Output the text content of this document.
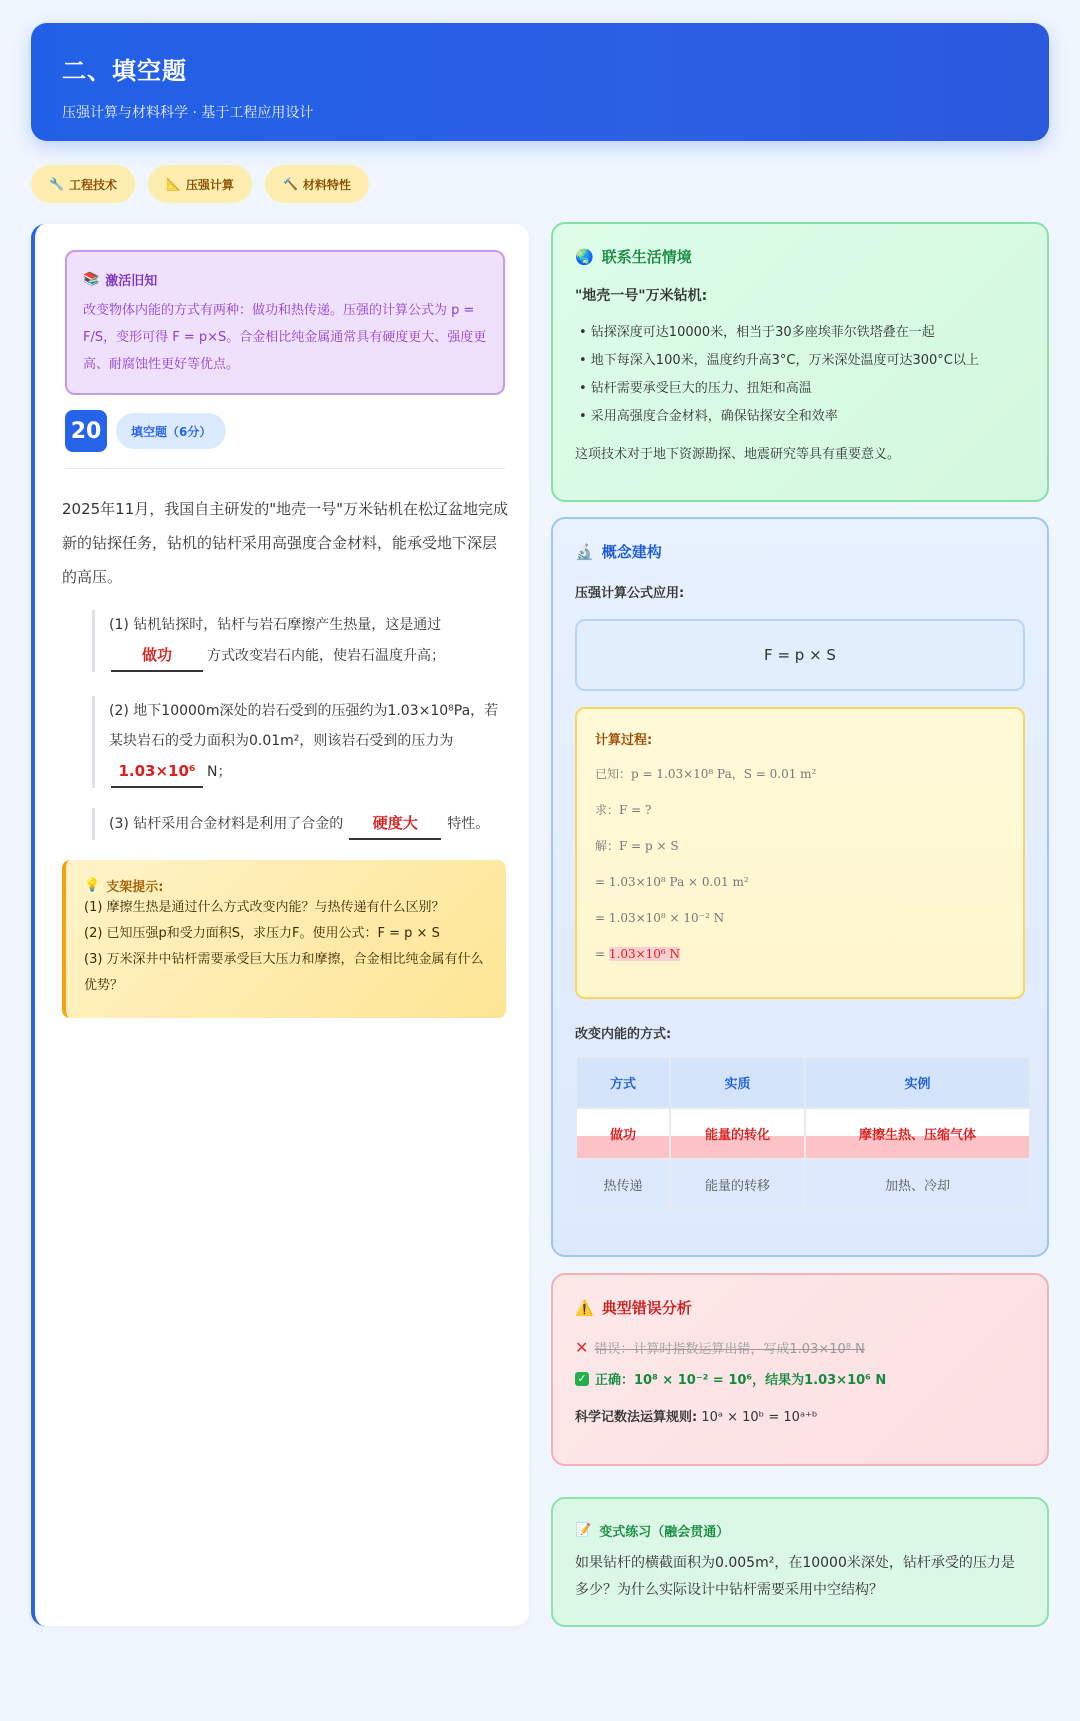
二、填空题

压强计算与材料科学 · 基于工程应用设计

🔧 工程技术	📐 压强计算	🔨 材料特性
📚 激活旧知
改变物体内能的方式有两种：做功和热传递。压强的计算公式为 p = F/S，变形可得 F = p×S。合金相比纯金属通常具有硬度更大、强度更高、耐腐蚀性更好等优点。
20	填空题（6分）
2025年11月，我国自主研发的"地壳一号"万米钻机在松辽盆地完成新的钻探任务，钻机的钻杆采用高强度合金材料，能承受地下深层的高压。
(1) 钻机钻探时，钻杆与岩石摩擦产生热量，这是通过
做功	方式改变岩石内能，使岩石温度升高；
(2) 地下10000m深处的岩石受到的压强约为1.03×10⁸Pa，若某块岩石的受力面积为0.01m²，则该岩石受到的压力为
1.03×10⁶ N；
(3) 钻杆采用合金材料是利用了合金的 硬度大 特性。
💡 支架提示:
(1) 摩擦生热是通过什么方式改变内能？与热传递有什么区别？
(2) 已知压强p和受力面积S，求压力F。使用公式：F = p × S
(3) 万米深井中钻杆需要承受巨大压力和摩擦，合金相比纯金属有什么优势？
🌏 联系生活情境
"地壳一号"万米钻机:
• 钻探深度可达10000米，相当于30多座埃菲尔铁塔叠在一起
• 地下每深入100米，温度约升高3°C，万米深处温度可达300°C以上
• 钻杆需要承受巨大的压力、扭矩和高温
• 采用高强度合金材料，确保钻探安全和效率
这项技术对于地下资源勘探、地震研究等具有重要意义。
🔬 概念建构
压强计算公式应用:
F = p × S
计算过程:
已知：p = 1.03×10⁸ Pa，S = 0.01 m²
求：F = ?
解：F = p × S
= 1.03×10⁸ Pa × 0.01 m²
= 1.03×10⁸ × 10⁻² N
= 1.03×10⁶ N
改变内能的方式:
方式	实质	实例
做功	能量的转化	摩擦生热、压缩气体
热传递	能量的转移	加热、冷却
⚠️ 典型错误分析
✕ 错误：计算时指数运算出错，写成1.03×10⁸ N
✓ 正确：10⁸ × 10⁻² = 10⁶，结果为1.03×10⁶ N
科学记数法运算规则: 10ᵃ × 10ᵇ = 10ᵃ⁺ᵇ
📝 变式练习（融会贯通）
如果钻杆的横截面积为0.005m²，在10000米深处，钻杆承受的压力是多少？为什么实际设计中钻杆需要采用中空结构？
